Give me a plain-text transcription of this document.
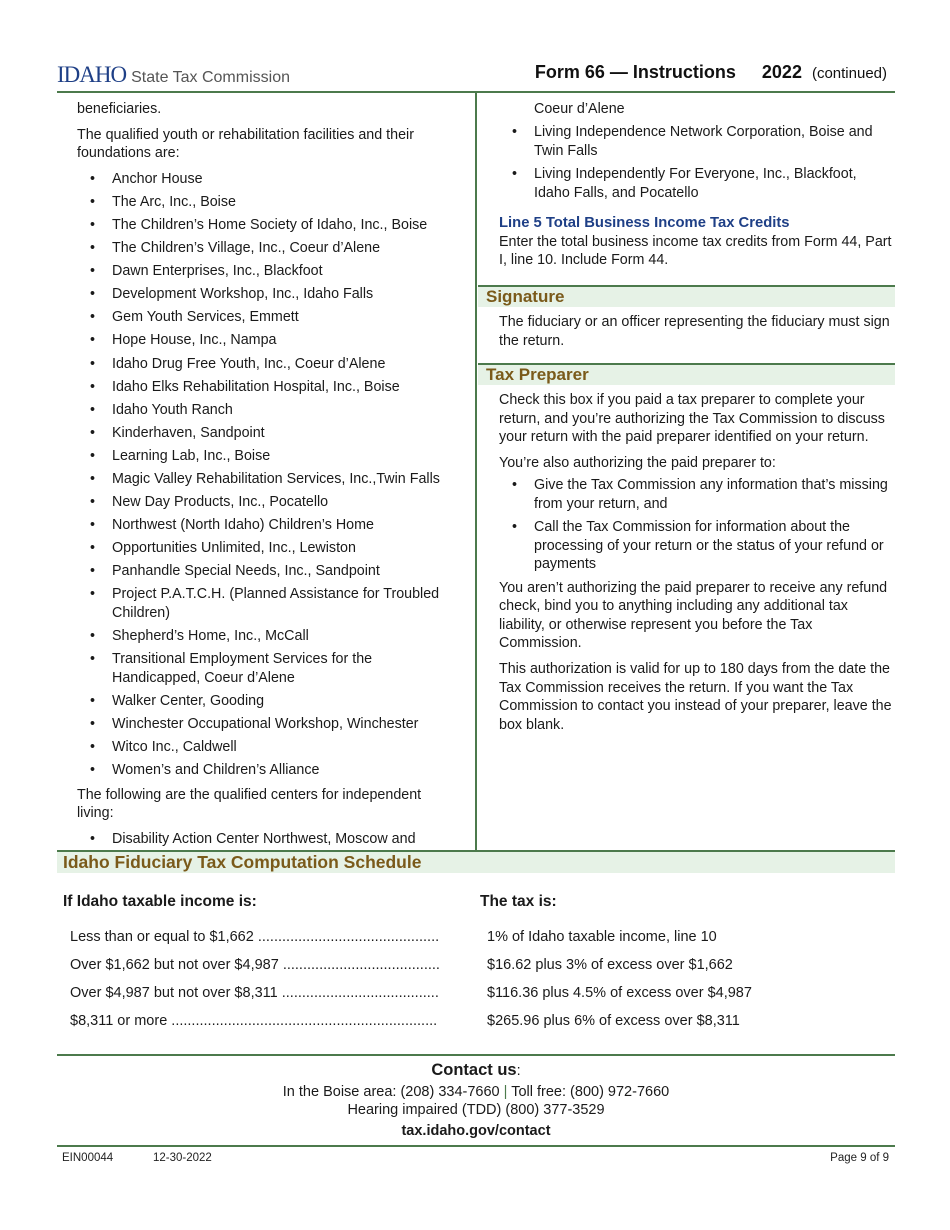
IDAHO State Tax Commission	Form 66 — Instructions 2022 (continued)

beneficiaries.

The qualified youth or rehabilitation facilities and their foundations are:

• Anchor House
• The Arc, Inc., Boise
• The Children’s Home Society of Idaho, Inc., Boise
• The Children’s Village, Inc., Coeur d’Alene
• Dawn Enterprises, Inc., Blackfoot
• Development Workshop, Inc., Idaho Falls
• Gem Youth Services, Emmett
• Hope House, Inc., Nampa
• Idaho Drug Free Youth, Inc., Coeur d’Alene
• Idaho Elks Rehabilitation Hospital, Inc., Boise
• Idaho Youth Ranch
• Kinderhaven, Sandpoint
• Learning Lab, Inc., Boise
• Magic Valley Rehabilitation Services, Inc.,Twin Falls
• New Day Products, Inc., Pocatello
• Northwest (North Idaho) Children’s Home
• Opportunities Unlimited, Inc., Lewiston
• Panhandle Special Needs, Inc., Sandpoint
• Project P.A.T.C.H. (Planned Assistance for Troubled Children)
• Shepherd’s Home, Inc., McCall
• Transitional Employment Services for the Handicapped, Coeur d’Alene
• Walker Center, Gooding
• Winchester Occupational Workshop, Winchester
• Witco Inc., Caldwell
• Women’s and Children’s Alliance

The following are the qualified centers for independent living:

• Disability Action Center Northwest, Moscow and

Coeur d’Alene

• Living Independence Network Corporation, Boise and Twin Falls
• Living Independently For Everyone, Inc., Blackfoot, Idaho Falls, and Pocatello

Line 5 Total Business Income Tax Credits

Enter the total business income tax credits from Form 44, Part I, line 10. Include Form 44.

Signature

The fiduciary or an officer representing the fiduciary must sign the return.

Tax Preparer

Check this box if you paid a tax preparer to complete your return, and you’re authorizing the Tax Commission to discuss your return with the paid preparer identified on your return.

You’re also authorizing the paid preparer to:

• Give the Tax Commission any information that’s missing from your return, and
• Call the Tax Commission for information about the processing of your return or the status of your refund or payments

You aren’t authorizing the paid preparer to receive any refund check, bind you to anything including any additional tax liability, or otherwise represent you before the Tax Commission.

This authorization is valid for up to 180 days from the date the Tax Commission receives the return. If you want the Tax Commission to contact you instead of your preparer, leave the box blank.

Idaho Fiduciary Tax Computation Schedule
If Idaho taxable income is:	The tax is:
Less than or equal to $1,662 .............................................	1% of Idaho taxable income, line 10
Over $1,662 but not over $4,987 .......................................	$16.62 plus 3% of excess over $1,662
Over $4,987 but not over $8,311 .......................................	$116.36 plus 4.5% of excess over $4,987
$8,311 or more ..................................................................	$265.96 plus 6% of excess over $8,311
Contact us:
In the Boise area: (208) 334-7660 | Toll free: (800) 972-7660
Hearing impaired (TDD) (800) 377-3529
tax.idaho.gov/contact
EIN00044	12-30-2022	Page 9 of 9
